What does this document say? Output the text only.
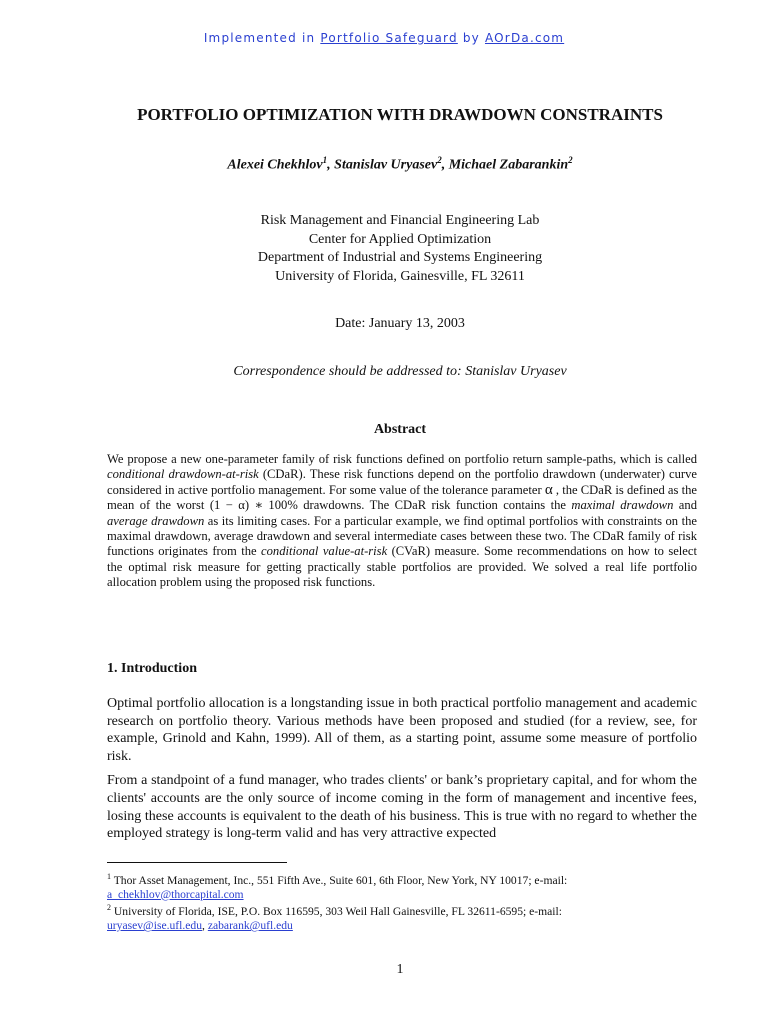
Implemented in Portfolio Safeguard by AOrDa.com
PORTFOLIO OPTIMIZATION WITH DRAWDOWN CONSTRAINTS
Alexei Chekhlov$^1$, Stanislav Uryasev$^2$, Michael Zabarankin$^2$
Risk Management and Financial Engineering Lab
Center for Applied Optimization
Department of Industrial and Systems Engineering
University of Florida, Gainesville, FL 32611
Date: January 13, 2003
Correspondence should be addressed to: Stanislav Uryasev
Abstract
We propose a new one-parameter family of risk functions defined on portfolio return sample-paths, which is called conditional drawdown-at-risk (CDaR). These risk functions depend on the portfolio drawdown (underwater) curve considered in active portfolio management. For some value of the tolerance parameter α , the CDaR is defined as the mean of the worst (1 − α) ∗ 100% drawdowns. The CDaR risk function contains the maximal drawdown and average drawdown as its limiting cases. For a particular example, we find optimal portfolios with constraints on the maximal drawdown, average drawdown and several intermediate cases between these two. The CDaR family of risk functions originates from the conditional value-at-risk (CVaR) measure. Some recommendations on how to select the optimal risk measure for getting practically stable portfolios are provided. We solved a real life portfolio allocation problem using the proposed risk functions.
1. Introduction

Optimal portfolio allocation is a longstanding issue in both practical portfolio management and academic research on portfolio theory. Various methods have been proposed and studied (for a review, see, for example, Grinold and Kahn, 1999). All of them, as a starting point, assume some measure of portfolio risk.

From a standpoint of a fund manager, who trades clients' or bank’s proprietary capital, and for whom the clients' accounts are the only source of income coming in the form of management and incentive fees, losing these accounts is equivalent to the death of his business. This is true with no regard to whether the employed strategy is long-term valid and has very attractive expected

$^1$ Thor Asset Management, Inc., 551 Fifth Ave., Suite 601, 6th Floor, New York, NY 10017; e-mail:
a_chekhlov@thorcapital.com
$^2$ University of Florida, ISE, P.O. Box 116595, 303 Weil Hall Gainesville, FL 32611-6595; e-mail:
uryasev@ise.ufl.edu, zabarank@ufl.edu
1
